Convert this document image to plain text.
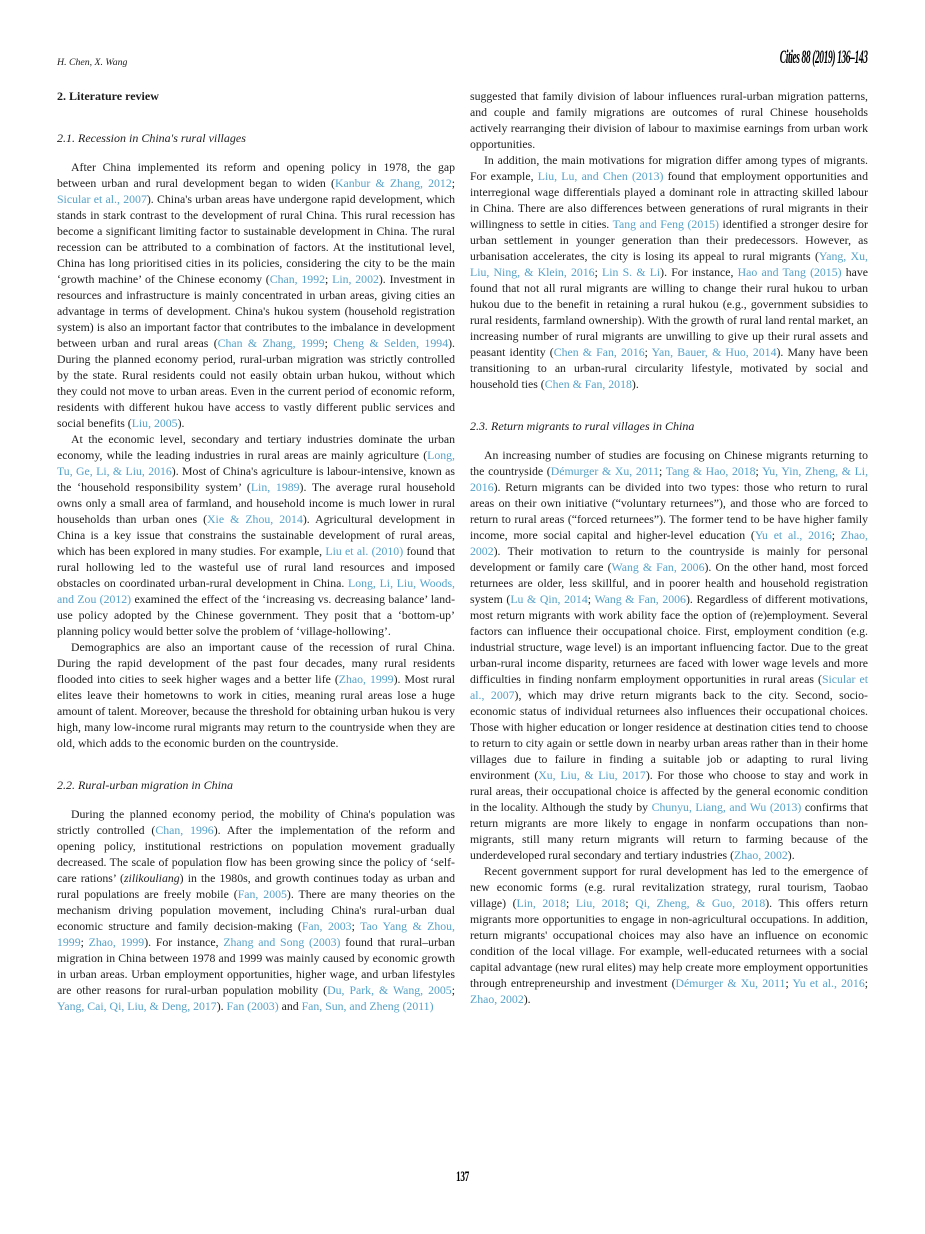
H. Chen, X. Wang	Cities 88 (2019) 136–143
2. Literature review
2.1. Recession in China's rural villages

After China implemented its reform and opening policy in 1978, the gap between urban and rural development began to widen (Kanbur & Zhang, 2012; Sicular et al., 2007). China's urban areas have undergone rapid development, which stands in stark contrast to the development of rural China. This rural recession has become a significant limiting factor to sustainable development in China. The rural recession can be attributed to a combination of factors. At the institutional level, China has long prioritised cities in its policies, considering the city to be the main ‘growth machine’ of the Chinese economy (Chan, 1992; Lin, 2002). Investment in resources and infrastructure is mainly concentrated in urban areas, giving cities an advantage in terms of development. China's hukou system (household registration system) is also an important factor that contributes to the imbalance in development between urban and rural areas (Chan & Zhang, 1999; Cheng & Selden, 1994). During the planned economy period, rural-urban migration was strictly controlled by the state. Rural residents could not easily obtain urban hukou, without which they could not move to urban areas. Even in the current period of economic reform, residents with different hukou have access to vastly different public services and social benefits (Liu, 2005).

At the economic level, secondary and tertiary industries dominate the urban economy, while the leading industries in rural areas are mainly agriculture (Long, Tu, Ge, Li, & Liu, 2016). Most of China's agriculture is labour-intensive, known as the ‘household responsibility system’ (Lin, 1989). The average rural household owns only a small area of farmland, and household income is much lower in rural households than urban ones (Xie & Zhou, 2014). Agricultural development in China is a key issue that constrains the sustainable development of rural areas, which has been explored in many studies. For example, Liu et al. (2010) found that rural hollowing led to the wasteful use of rural land resources and imposed obstacles on coordinated urban-rural development in China. Long, Li, Liu, Woods, and Zou (2012) examined the effect of the ‘increasing vs. decreasing balance’ land-use policy adopted by the Chinese government. They posit that a ‘bottom-up’ planning policy would better solve the problem of ‘village-hollowing’.

Demographics are also an important cause of the recession of rural China. During the rapid development of the past four decades, many rural residents flooded into cities to seek higher wages and a better life (Zhao, 1999). Most rural elites leave their hometowns to work in cities, meaning rural areas lose a huge amount of talent. Moreover, because the threshold for obtaining urban hukou is very high, many low-income rural migrants may return to the countryside when they are old, which adds to the economic burden on the countryside.

2.2. Rural-urban migration in China

During the planned economy period, the mobility of China's population was strictly controlled (Chan, 1996). After the implementation of the reform and opening policy, institutional restrictions on population movement gradually decreased. The scale of population flow has been growing since the policy of ‘self-care rations’ (zilikouliang) in the 1980s, and growth continues today as urban and rural populations are freely mobile (Fan, 2005). There are many theories on the mechanism driving population movement, including China's rural-urban dual economic structure and family decision-making (Fan, 2003; Tao Yang & Zhou, 1999; Zhao, 1999). For instance, Zhang and Song (2003) found that rural–urban migration in China between 1978 and 1999 was mainly caused by economic growth in urban areas. Urban employment opportunities, higher wage, and urban lifestyles are other reasons for rural-urban population mobility (Du, Park, & Wang, 2005; Yang, Cai, Qi, Liu, & Deng, 2017). Fan (2003) and Fan, Sun, and Zheng (2011)

suggested that family division of labour influences rural-urban migration patterns, and couple and family migrations are outcomes of rural Chinese households actively rearranging their division of labour to maximise earnings from urban work opportunities.

In addition, the main motivations for migration differ among types of migrants. For example, Liu, Lu, and Chen (2013) found that employment opportunities and interregional wage differentials played a dominant role in attracting skilled labour in China. There are also differences between generations of rural migrants in their willingness to settle in cities. Tang and Feng (2015) identified a stronger desire for urban settlement in younger generation than their predecessors. However, as urbanisation accelerates, the city is losing its appeal to rural migrants (Yang, Xu, Liu, Ning, & Klein, 2016; Lin S. & Li). For instance, Hao and Tang (2015) have found that not all rural migrants are willing to change their rural hukou to urban hukou due to the benefit in retaining a rural hukou (e.g., government subsidies to rural residents, farmland ownership). With the growth of rural land rental market, an increasing number of rural migrants are unwilling to give up their rural assets and peasant identity (Chen & Fan, 2016; Yan, Bauer, & Huo, 2014). Many have been transitioning to an urban-rural circularity lifestyle, motivated by social and household ties (Chen & Fan, 2018).

2.3. Return migrants to rural villages in China

An increasing number of studies are focusing on Chinese migrants returning to the countryside (Démurger & Xu, 2011; Tang & Hao, 2018; Yu, Yin, Zheng, & Li, 2016). Return migrants can be divided into two types: those who return to rural areas on their own initiative (“voluntary returnees”), and those who are forced to return to rural areas (“forced returnees”). The former tend to be have higher family income, more social capital and higher-level education (Yu et al., 2016; Zhao, 2002). Their motivation to return to the countryside is mainly for personal development or family care (Wang & Fan, 2006). On the other hand, most forced returnees are older, less skillful, and in poorer health and household registration system (Lu & Qin, 2014; Wang & Fan, 2006). Regardless of different motivations, most return migrants with work ability face the option of (re)employment. Several factors can influence their occupational choice. First, employment condition (e.g. industrial structure, wage level) is an important influencing factor. Due to the great urban-rural income disparity, returnees are faced with lower wage levels and more difficulties in finding nonfarm employment opportunities in rural areas (Sicular et al., 2007), which may drive return migrants back to the city. Second, socio-economic status of individual returnees also influences their occupational choices. Those with higher education or longer residence at destination cities tend to choose to return to city again or settle down in nearby urban areas rather than in their home villages due to failure in finding a suitable job or adapting to rural living environment (Xu, Liu, & Liu, 2017). For those who choose to stay and work in rural areas, their occupational choice is affected by the general economic condition in the locality. Although the study by Chunyu, Liang, and Wu (2013) confirms that return migrants are more likely to engage in nonfarm occupations than non-migrants, still many return migrants will return to farming because of the underdeveloped rural secondary and tertiary industries (Zhao, 2002).

Recent government support for rural development has led to the emergence of new economic forms (e.g. rural revitalization strategy, rural tourism, Taobao village) (Lin, 2018; Liu, 2018; Qi, Zheng, & Guo, 2018). This offers return migrants more opportunities to engage in non-agricultural occupations. In addition, return migrants' occupational choices may also have an influence on economic condition of the local village. For example, well-educated returnees with a social capital advantage (new rural elites) may help create more employment opportunities through entrepreneurship and investment (Démurger & Xu, 2011; Yu et al., 2016; Zhao, 2002).

137
